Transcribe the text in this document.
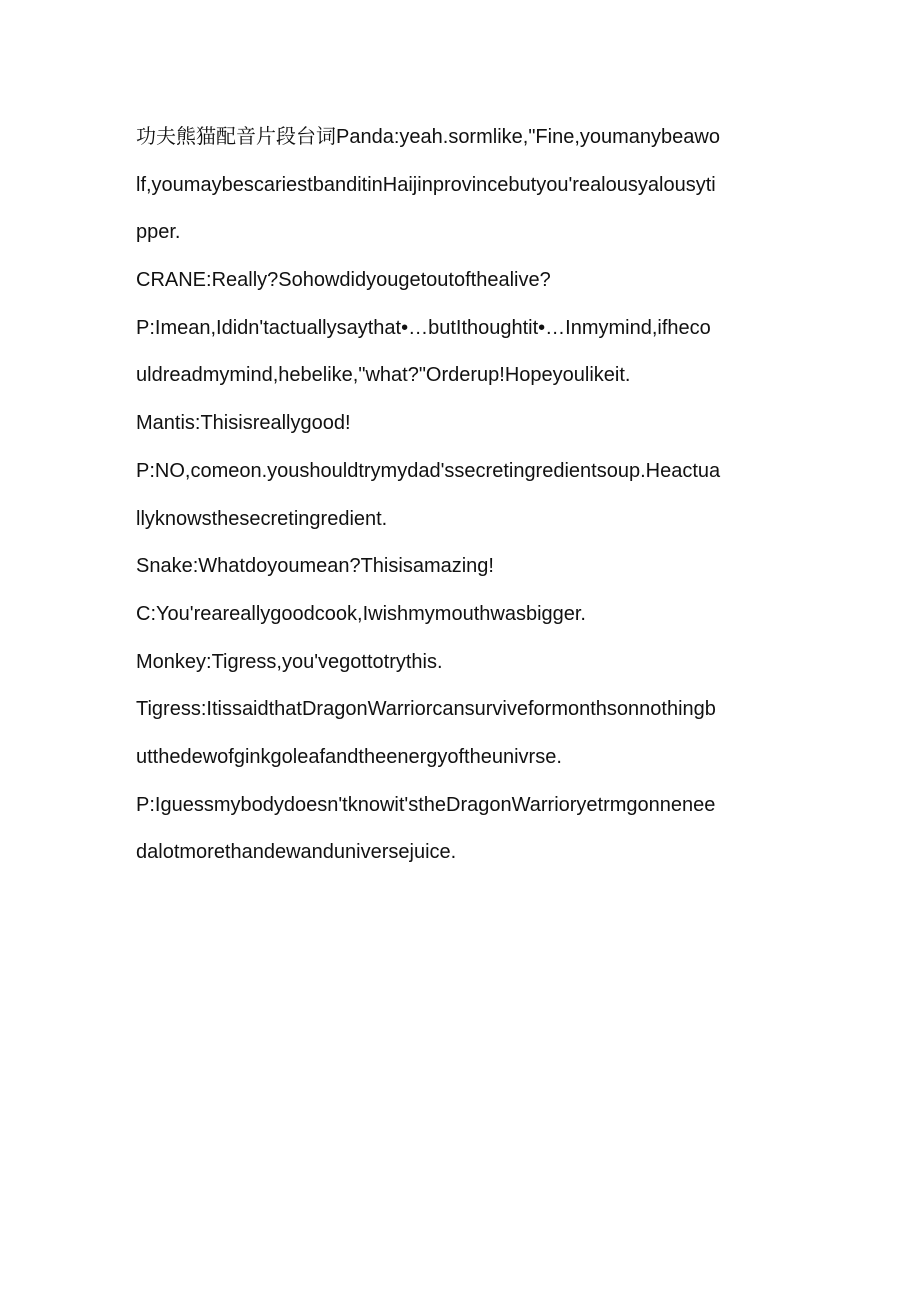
功夫熊猫配音片段台词Panda:yeah.sormlike,"Fine,youmanybeawo
lf,youmaybescariestbanditinHaijinprovincebutyou'realousyalousyti
pper.
CRANE:Really?Sohowdidyougetoutofthealive?
P:Imean,Ididn'tactuallysaythat•…butIthoughtit•…Inmymind,ifheco
uldreadmymind,hebelike,"what?"Orderup!Hopeyoulikeit.
Mantis:Thisisreallygood!
P:NO,comeon.youshouldtrymydad'ssecretingredientsoup.Heactua
llyknowsthesecretingredient.
Snake:Whatdoyoumean?Thisisamazing!
C:You'reareallygoodcook,Iwishmymouthwasbigger.
Monkey:Tigress,you'vegottotrythis.
Tigress:ItissaidthatDragonWarriorcansurviveformonthsonnothingb
utthedewofginkgoleafandtheenergyoftheunivrse.
P:Iguessmybodydoesn'tknowit'stheDragonWarrioryetrmgonnenee
dalotmorethandewanduniversejuice.
